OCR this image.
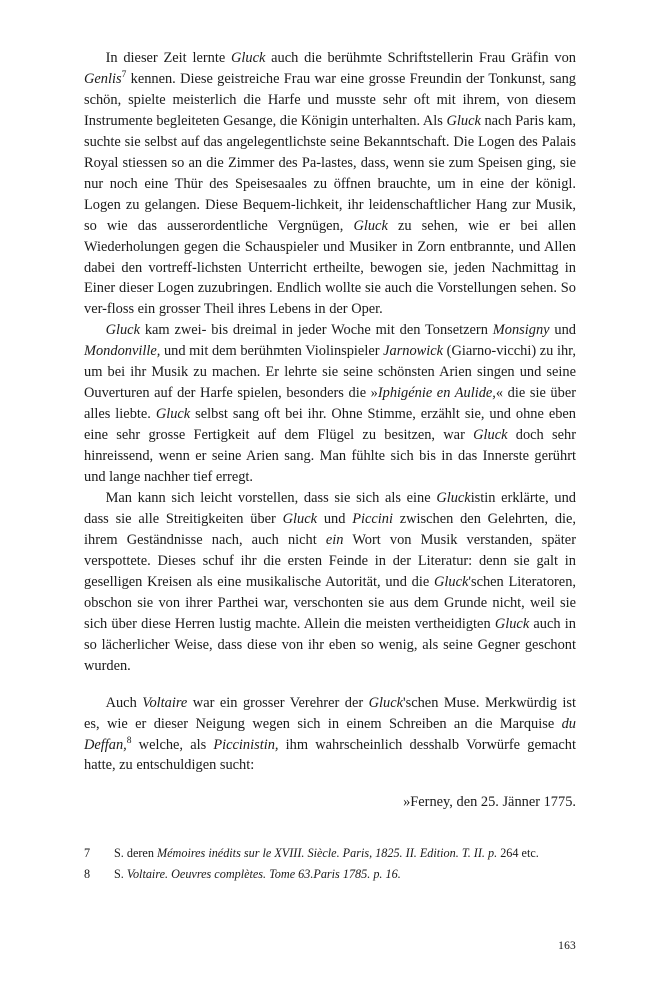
In dieser Zeit lernte Gluck auch die berühmte Schriftstellerin Frau Gräfin von Genlis$^7$ kennen. Diese geistreiche Frau war eine grosse Freundin der Tonkunst, sang schön, spielte meisterlich die Harfe und musste sehr oft mit ihrem, von diesem Instrumente begleiteten Gesange, die Königin unterhalten. Als Gluck nach Paris kam, suchte sie selbst auf das angelegentlichste seine Bekanntschaft. Die Logen des Palais Royal stiessen so an die Zimmer des Pa-lastes, dass, wenn sie zum Speisen ging, sie nur noch eine Thür des Speisesaales zu öffnen brauchte, um in eine der königl. Logen zu gelangen. Diese Bequem-lichkeit, ihr leidenschaftlicher Hang zur Musik, so wie das ausserordentliche Vergnügen, Gluck zu sehen, wie er bei allen Wiederholungen gegen die Schauspieler und Musiker in Zorn entbrannte, und Allen dabei den vortreff-lichsten Unterricht ertheilte, bewogen sie, jeden Nachmittag in Einer dieser Logen zuzubringen. Endlich wollte sie auch die Vorstellungen sehen. So ver-floss ein grosser Theil ihres Lebens in der Oper.

Gluck kam zwei- bis dreimal in jeder Woche mit den Tonsetzern Monsigny und Mondonville, und mit dem berühmten Violinspieler Jarnowick (Giarno-vicchi) zu ihr, um bei ihr Musik zu machen. Er lehrte sie seine schönsten Arien singen und seine Ouverturen auf der Harfe spielen, besonders die »Iphigénie en Aulide,« die sie über alles liebte. Gluck selbst sang oft bei ihr. Ohne Stimme, erzählt sie, und ohne eben eine sehr grosse Fertigkeit auf dem Flügel zu besitzen, war Gluck doch sehr hinreissend, wenn er seine Arien sang. Man fühlte sich bis in das Innerste gerührt und lange nachher tief erregt.

Man kann sich leicht vorstellen, dass sie sich als eine Gluckistin erklärte, und dass sie alle Streitigkeiten über Gluck und Piccini zwischen den Gelehrten, die, ihrem Geständnisse nach, auch nicht ein Wort von Musik verstanden, später verspottete. Dieses schuf ihr die ersten Feinde in der Literatur: denn sie galt in geselligen Kreisen als eine musikalische Autorität, und die Gluck'schen Literatoren, obschon sie von ihrer Parthei war, verschonten sie aus dem Grunde nicht, weil sie sich über diese Herren lustig machte. Allein die meisten vertheidigten Gluck auch in so lächerlicher Weise, dass diese von ihr eben so wenig, als seine Gegner geschont wurden.

Auch Voltaire war ein grosser Verehrer der Gluck'schen Muse. Merkwürdig ist es, wie er dieser Neigung wegen sich in einem Schreiben an die Marquise du Deffan,$^8$ welche, als Piccinistin, ihm wahrscheinlich desshalb Vorwürfe gemacht hatte, zu entschuldigen sucht:

»Ferney, den 25. Jänner 1775.

7	S. deren Mémoires inédits sur le XVIII. Siècle. Paris, 1825. II. Edition. T. II. p. 264 etc.
8	S. Voltaire. Oeuvres complètes. Tome 63.Paris 1785. p. 16.
163
